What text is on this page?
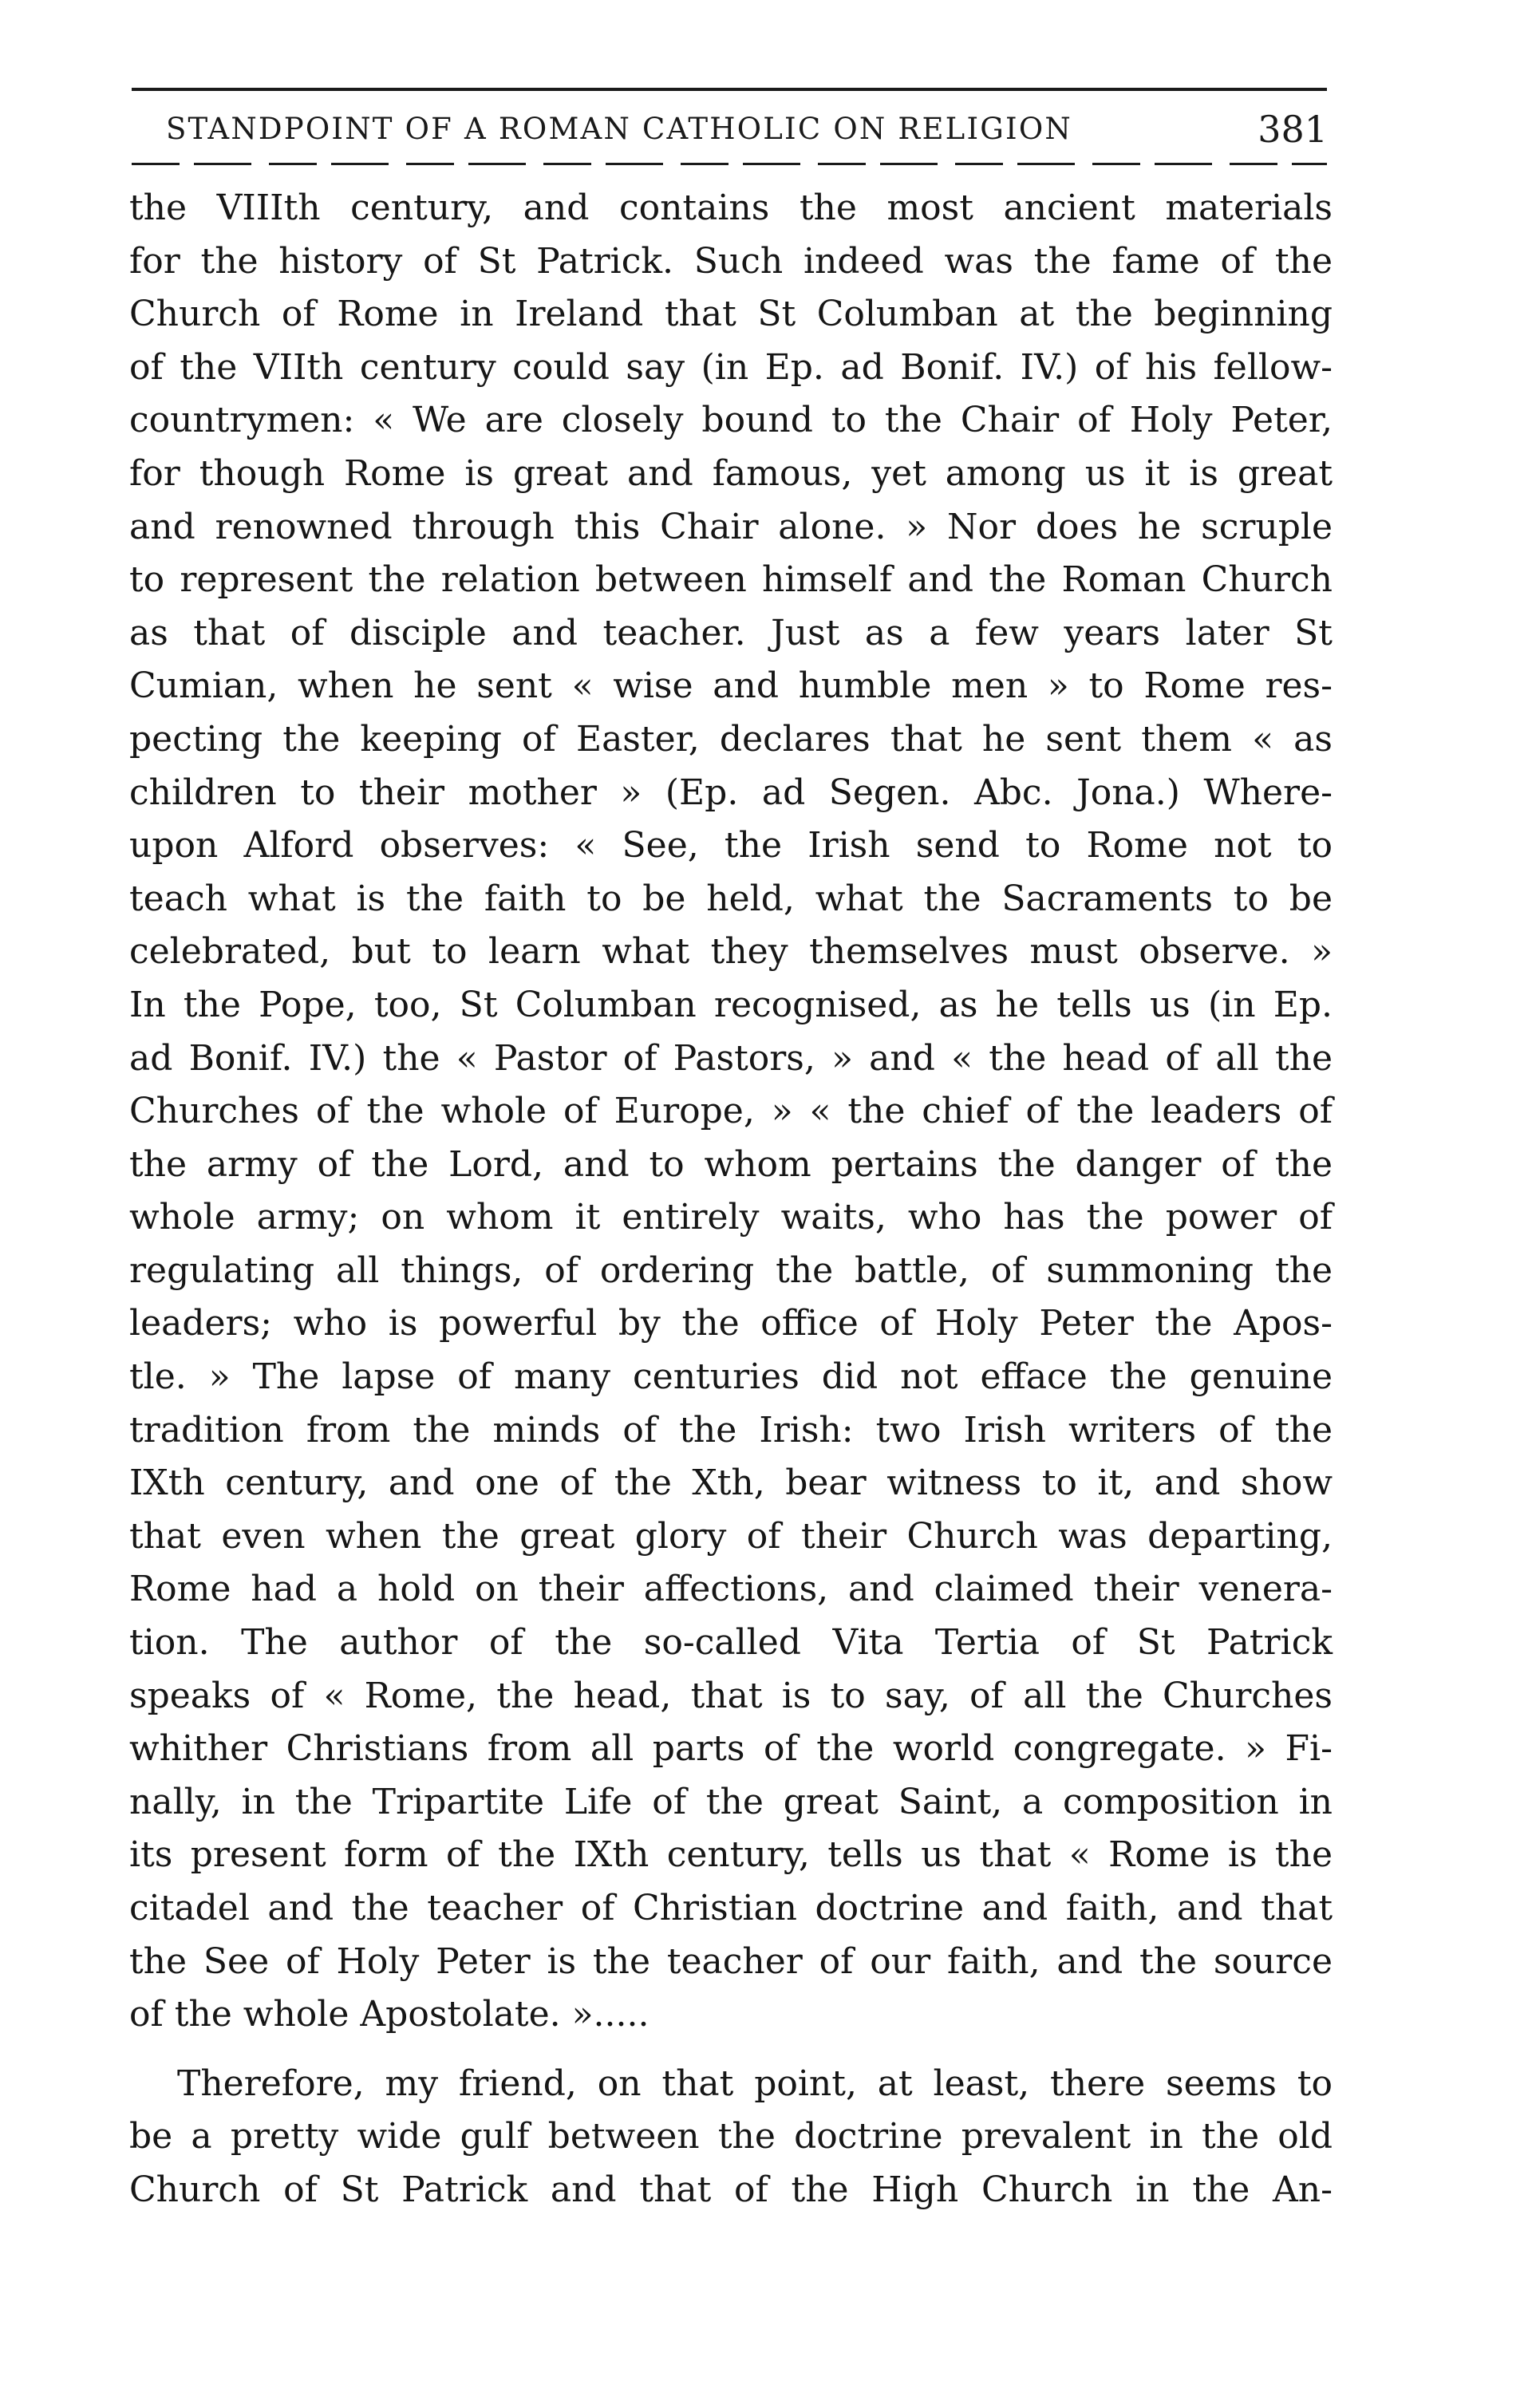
STANDPOINT OF A ROMAN CATHOLIC ON RELIGION	381
the VIIIth century, and contains the most ancient materials
for the history of St Patrick. Such indeed was the fame of the
Church of Rome in Ireland that St Columban at the beginning
of the VIIth century could say (in Ep. ad Bonif. IV.) of his fellow-
countrymen: « We are closely bound to the Chair of Holy Peter,
for though Rome is great and famous, yet among us it is great
and renowned through this Chair alone. » Nor does he scruple
to represent the relation between himself and the Roman Church
as that of disciple and teacher. Just as a few years later St
Cumian, when he sent « wise and humble men » to Rome res-
pecting the keeping of Easter, declares that he sent them « as
children to their mother » (Ep. ad Segen. Abc. Jona.) Where-
upon Alford observes: « See, the Irish send to Rome not to
teach what is the faith to be held, what the Sacraments to be
celebrated, but to learn what they themselves must observe. »
In the Pope, too, St Columban recognised, as he tells us (in Ep.
ad Bonif. IV.) the « Pastor of Pastors, » and « the head of all the
Churches of the whole of Europe, » « the chief of the leaders of
the army of the Lord, and to whom pertains the danger of the
whole army; on whom it entirely waits, who has the power of
regulating all things, of ordering the battle, of summoning the
leaders; who is powerful by the office of Holy Peter the Apos-
tle. » The lapse of many centuries did not efface the genuine
tradition from the minds of the Irish: two Irish writers of the
IXth century, and one of the Xth, bear witness to it, and show
that even when the great glory of their Church was departing,
Rome had a hold on their affections, and claimed their venera-
tion. The author of the so-called Vita Tertia of St Patrick
speaks of « Rome, the head, that is to say, of all the Churches
whither Christians from all parts of the world congregate. » Fi-
nally, in the Tripartite Life of the great Saint, a composition in
its present form of the IXth century, tells us that « Rome is the
citadel and the teacher of Christian doctrine and faith, and that
the See of Holy Peter is the teacher of our faith, and the source
of the whole Apostolate. ».....
Therefore, my friend, on that point, at least, there seems to
be a pretty wide gulf between the doctrine prevalent in the old
Church of St Patrick and that of the High Church in the An-
